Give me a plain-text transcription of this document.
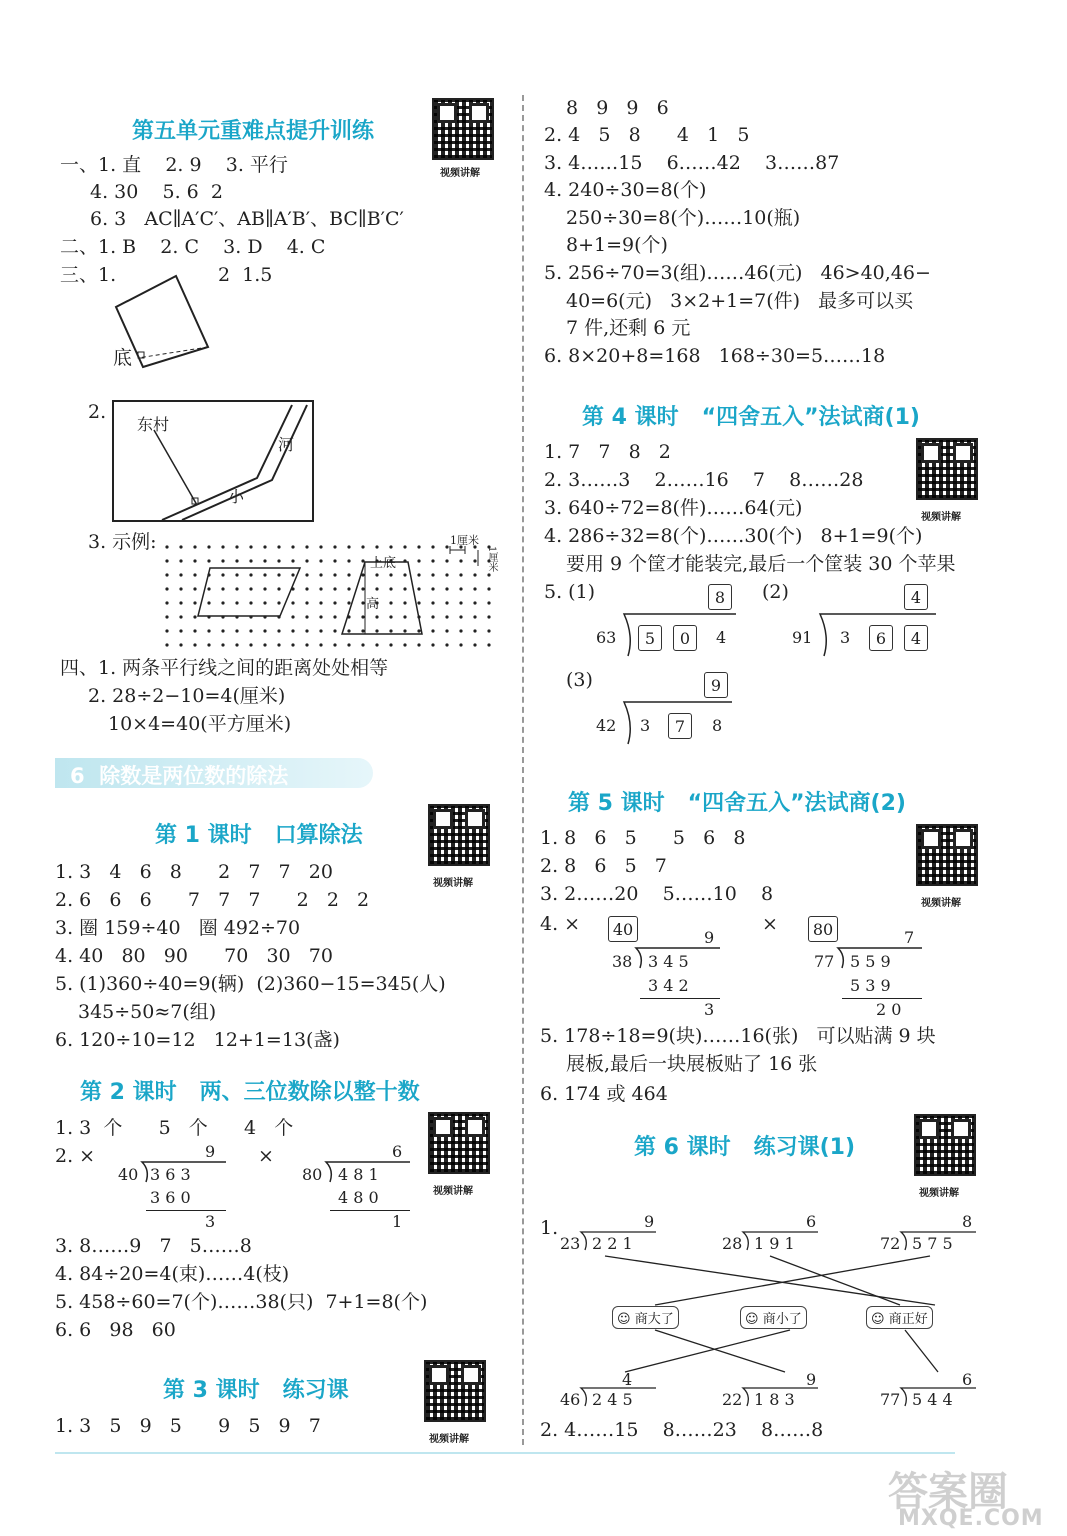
第五单元重难点提升训练
视频讲解
一、1. 直    2. 9    3. 平行
4. 30    5. 6  2
6. 3   AC∥A′C′、AB∥A′B′、BC∥B′C′
二、1. B    2. C    3. D    4. C
三、1.	2  1.5
底
2.
东村
河
小
3. 示例:
上底
高
1厘米
1厘米
四、1. 两条平行线之间的距离处处相等
2. 28÷2−10=4(厘米)
10×4=40(平方厘米)
6  除数是两位数的除法
第 1 课时   口算除法
视频讲解
1. 3   4   6   8      2   7   7   20
2. 6   6   6      7   7   7      2   2   2
3. 圈 159÷40   圈 492÷70
4. 40   80   90      70   30   70
5. (1)360÷40=9(辆)  (2)360−15=345(人)
345÷50≈7(组)
6. 120÷10=12   12+1=13(盏)
第 2 课时   两、三位数除以整十数
视频讲解
1. 3  个      5   个      4   个
2. ×	×
9
40 3 6 3
3 6 0
3
6
80 4 8 1
4 8 0
1
3. 8……9   7   5……8
4. 84÷20=4(束)……4(枝)
5. 458÷60=7(个)……38(只)  7+1=8(个)
6. 6   98   60
第 3 课时   练习课
视频讲解
1. 3   5   9   5      9   5   9   7
8   9   9   6
2. 4   5   8      4   1   5
3. 4……15    6……42    3……87
4. 240÷30=8(个)
250÷30=8(个)……10(瓶)
8+1=9(个)
5. 256÷70=3(组)……46(元)   46>40,46−
40=6(元)   3×2+1=7(件)   最多可以买
7 件,还剩 6 元
6. 8×20+8=168   168÷30=5……18
第 4 课时   “四舍五入”法试商(1)
视频讲解
1. 7   7   8   2
2. 3……3    2……16    7    8……28
3. 640÷72=8(件)……64(元)
4. 286÷32=8(个)……30(个)   8+1=9(个)
要用 9 个筐才能装完,最后一个筐装 30 个苹果
5. (1)	(2)
(3)
8
63	5	0	4
4
91 3	6	4
9
42 3	7	8
第 5 课时   “四舍五入”法试商(2)
视频讲解
1. 8   6   5      5   6   8
2. 8   6   5   7
3. 2……20    5……10    8
4. ×	×
40	9
38 3 4 5
3 4 2
3
80	7
77 5 5 9
5 3 9
2 0
5. 178÷18=9(块)……16(张)   可以贴满 9 块
展板,最后一块展板贴了 16 张
6. 174 或 464
第 6 课时   练习课(1)
视频讲解
1.	9
23 2 2 1
6
28 1 9 1
8
72 5 7 5
☺ 商大了	☺ 商小了	☺ 商正好
4
46 2 4 5
9
22 1 8 3
6
77 5 4 4
2. 4……15    8……23    8……8
答案圈
MXQE.COM
